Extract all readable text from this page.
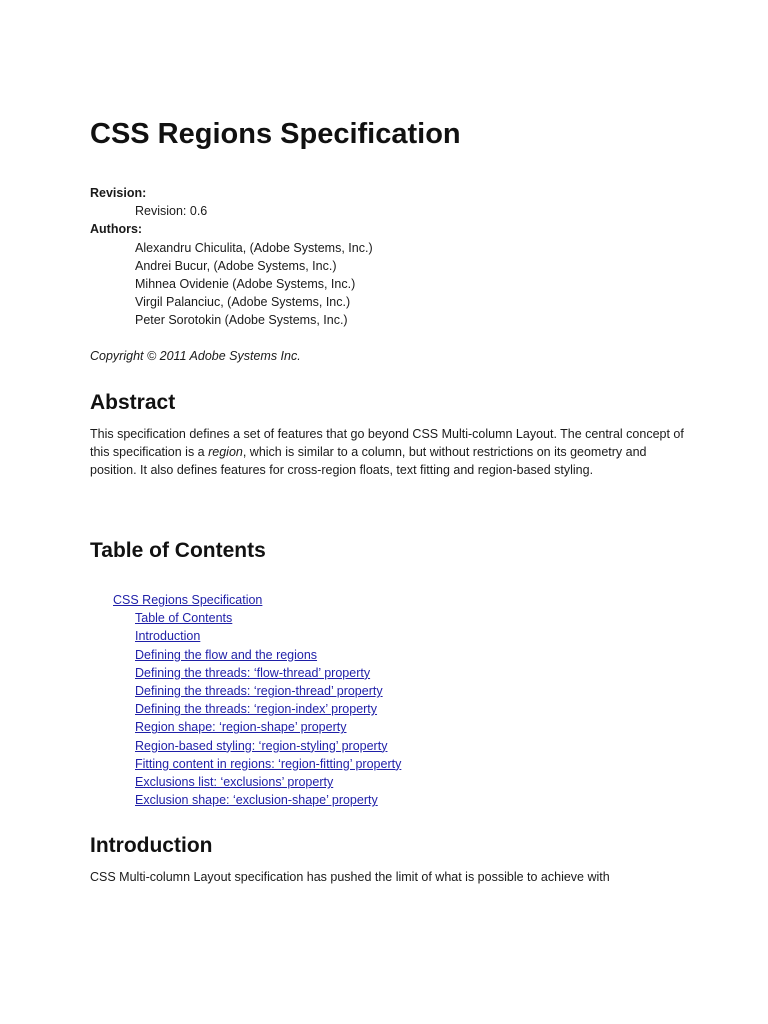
CSS Regions Specification
Revision:
Revision: 0.6
Authors:
Alexandru Chiculita, (Adobe Systems, Inc.)
Andrei Bucur, (Adobe Systems, Inc.)
Mihnea Ovidenie (Adobe Systems, Inc.)
Virgil Palanciuc, (Adobe Systems, Inc.)
Peter Sorotokin (Adobe Systems, Inc.)

Copyright © 2011 Adobe Systems Inc.

Abstract

This specification defines a set of features that go beyond CSS Multi-column Layout. The central concept of this specification is a region, which is similar to a column, but without restrictions on its geometry and position. It also defines features for cross-region floats, text fitting and region-based styling.

Table of Contents
CSS Regions Specification
Table of Contents
Introduction
Defining the flow and the regions
Defining the threads: ‘flow-thread’ property
Defining the threads: ‘region-thread’ property
Defining the threads: ‘region-index’ property
Region shape: ‘region-shape’ property
Region-based styling: ‘region-styling’ property
Fitting content in regions: ‘region-fitting’ property
Exclusions list: ‘exclusions’ property
Exclusion shape: ‘exclusion-shape’ property
Introduction

CSS Multi-column Layout specification has pushed the limit of what is possible to achieve with
